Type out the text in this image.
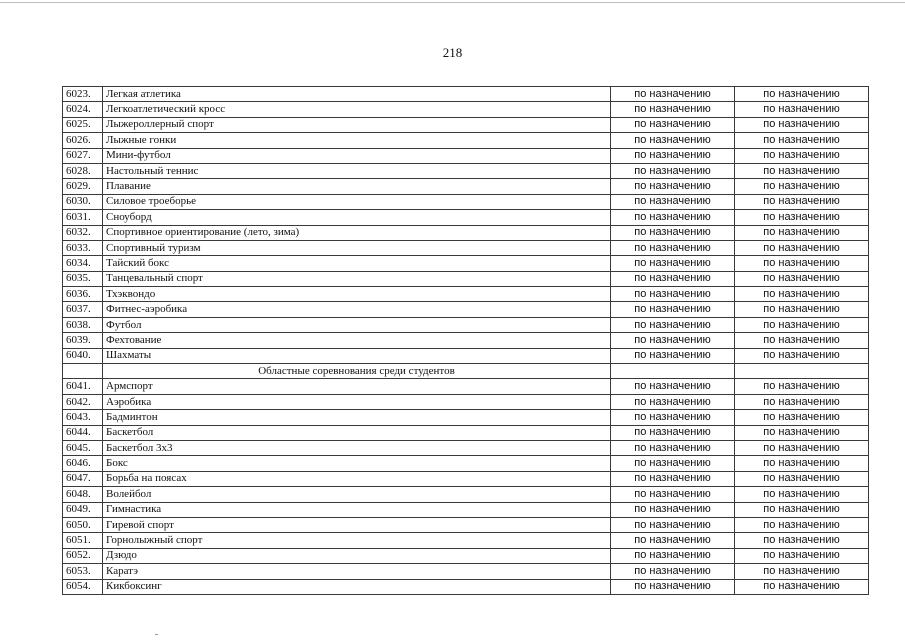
218
6023.	Легкая атлетика	по назначению	по назначению
6024.	Легкоатлетический кросс	по назначению	по назначению
6025.	Лыжероллерный спорт	по назначению	по назначению
6026.	Лыжные гонки	по назначению	по назначению
6027.	Мини-футбол	по назначению	по назначению
6028.	Настольный теннис	по назначению	по назначению
6029.	Плавание	по назначению	по назначению
6030.	Силовое троеборье	по назначению	по назначению
6031.	Сноуборд	по назначению	по назначению
6032.	Спортивное ориентирование (лето, зима)	по назначению	по назначению
6033.	Спортивный туризм	по назначению	по назначению
6034.	Тайский бокс	по назначению	по назначению
6035.	Танцевальный спорт	по назначению	по назначению
6036.	Тхэквондо	по назначению	по назначению
6037.	Фитнес-аэробика	по назначению	по назначению
6038.	Футбол	по назначению	по назначению
6039.	Фехтование	по назначению	по назначению
6040.	Шахматы	по назначению	по назначению
	Областные соревнования среди студентов		
6041.	Армспорт	по назначению	по назначению
6042.	Аэробика	по назначению	по назначению
6043.	Бадминтон	по назначению	по назначению
6044.	Баскетбол	по назначению	по назначению
6045.	Баскетбол 3х3	по назначению	по назначению
6046.	Бокс	по назначению	по назначению
6047.	Борьба на поясах	по назначению	по назначению
6048.	Волейбол	по назначению	по назначению
6049.	Гимнастика	по назначению	по назначению
6050.	Гиревой спорт	по назначению	по назначению
6051.	Горнолыжный спорт	по назначению	по назначению
6052.	Дзюдо	по назначению	по назначению
6053.	Каратэ	по назначению	по назначению
6054.	Кикбоксинг	по назначению	по назначению
